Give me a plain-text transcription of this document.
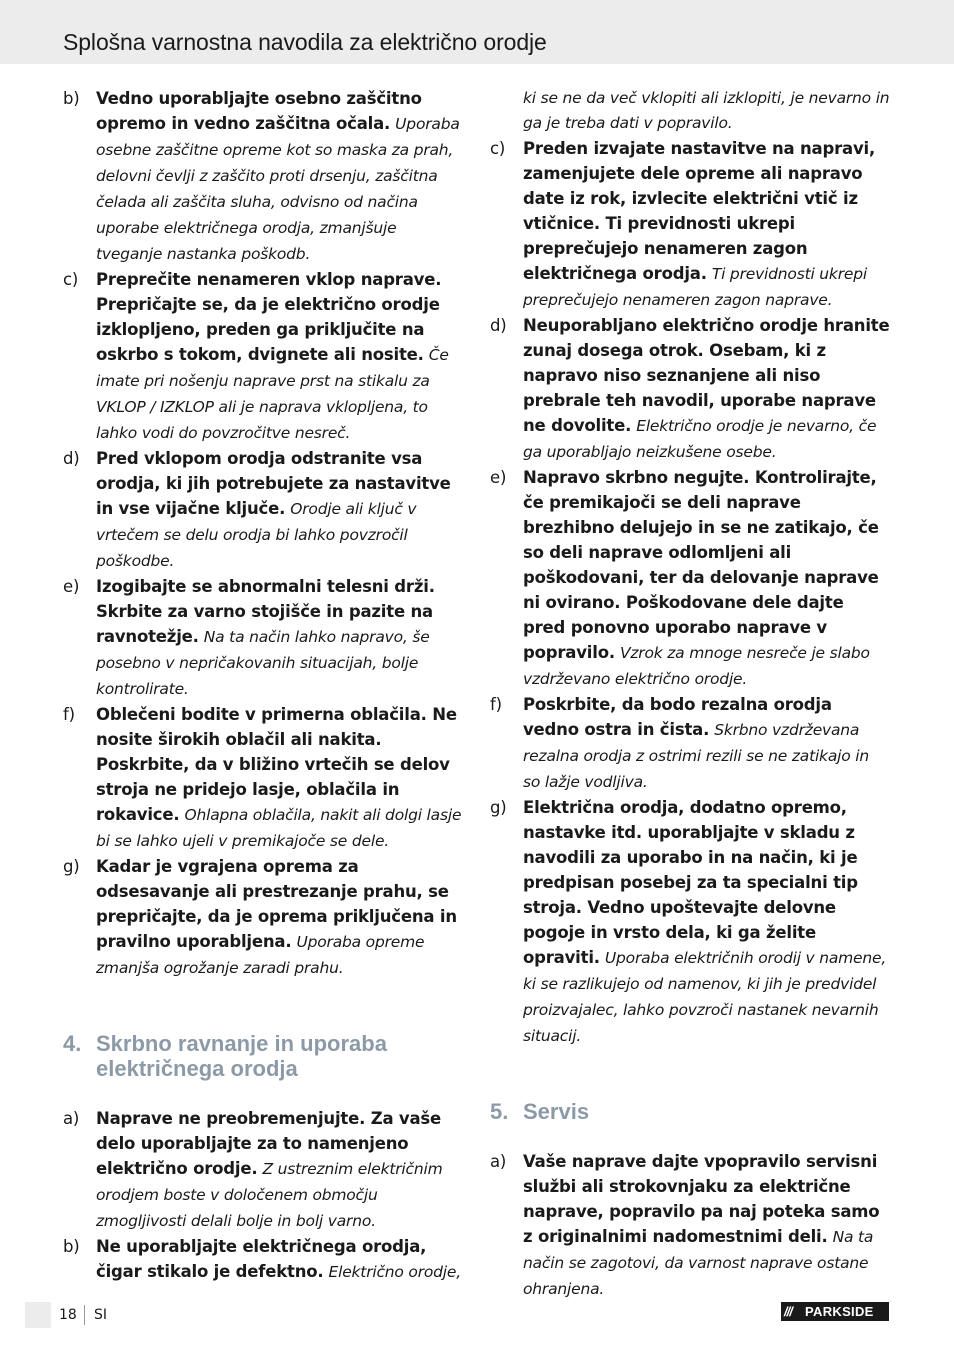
Splošna varnostna navodila za električno orodje
b) Vedno uporabljajte osebno zaščitno opremo in vedno zaščitna očala. Uporaba osebne zaščitne opreme kot so maska za prah, delovni čevlji z zaščito proti drsenju, zaščitna čelada ali zaščita sluha, odvisno od načina uporabe električnega orodja, zmanjšuje tveganje nastanka poškodb.
c) Preprečite nenameren vklop naprave. Prepričajte se, da je električno orodje izklopljeno, preden ga priključite na oskrbo s tokom, dvignete ali nosite. Če imate pri nošenju naprave prst na stikalu za VKLOP / IZKLOP ali je naprava vklopljena, to lahko vodi do povzročitve nesreč.
d) Pred vklopom orodja odstranite vsa orodja, ki jih potrebujete za nastavitve in vse vijačne ključe. Orodje ali ključ v vrtečem se delu orodja bi lahko povzročil poškodbe.
e) Izogibajte se abnormalni telesni drži. Skrbite za varno stojišče in pazite na ravnotežje. Na ta način lahko napravo, še posebno v nepričakovanih situacijah, bolje kontrolirate.
f) Oblečeni bodite v primerna oblačila. Ne nosite širokih oblačil ali nakita. Poskrbite, da v bližino vrtečih se delov stroja ne pridejo lasje, oblačila in rokavice. Ohlapna oblačila, nakit ali dolgi lasje bi se lahko ujeli v premikajoče se dele.
g) Kadar je vgrajena oprema za odsesavanje ali prestrezanje prahu, se prepričajte, da je oprema priključena in pravilno uporabljena. Uporaba opreme zmanjša ogrožanje zaradi prahu.
4. Skrbno ravnanje in uporaba električnega orodja
a) Naprave ne preobremenjujte. Za vaše delo uporabljajte za to namenjeno električno orodje. Z ustreznim električnim orodjem boste v določenem območju zmogljivosti delali bolje in bolj varno.
b) Ne uporabljajte električnega orodja, čigar stikalo je defektno. Električno orodje,
ki se ne da več vklopiti ali izklopiti, je nevarno in ga je treba dati v popravilo.
c) Preden izvajate nastavitve na napravi, zamenjujete dele opreme ali napravo date iz rok, izvlecite električni vtič iz vtičnice. Ti previdnosti ukrepi preprečujejo nenameren zagon električnega orodja. Ti previdnosti ukrepi preprečujejo nenameren zagon naprave.
d) Neuporabljano električno orodje hranite zunaj dosega otrok. Osebam, ki z napravo niso seznanjene ali niso prebrale teh navodil, uporabe naprave ne dovolite. Električno orodje je nevarno, če ga uporabljajo neizkušene osebe.
e) Napravo skrbno negujte. Kontrolirajte, če premikajoči se deli naprave brezhibno delujejo in se ne zatikajo, če so deli naprave odlomljeni ali poškodovani, ter da delovanje naprave ni ovirano. Poškodovane dele dajte pred ponovno uporabo naprave v popravilo. Vzrok za mnoge nesreče je slabo vzdrževano električno orodje.
f) Poskrbite, da bodo rezalna orodja vedno ostra in čista. Skrbno vzdrževana rezalna orodja z ostrimi rezili se ne zatikajo in so lažje vodljiva.
g) Električna orodja, dodatno opremo, nastavke itd. uporabljajte v skladu z navodili za uporabo in na način, ki je predpisan posebej za ta specialni tip stroja. Vedno upoštevajte delovne pogoje in vrsto dela, ki ga želite opraviti. Uporaba električnih orodij v namene, ki se razlikujejo od namenov, ki jih je predvidel proizvajalec, lahko povzroči nastanek nevarnih situacij.
5. Servis
a) Vaše naprave dajte vpopravilo servisni službi ali strokovnjaku za električne naprave, popravilo pa naj poteka samo z originalnimi nadomestnimi deli. Na ta način se zagotovi, da varnost naprave ostane ohranjena.
18 SI	/// PARKSIDE
